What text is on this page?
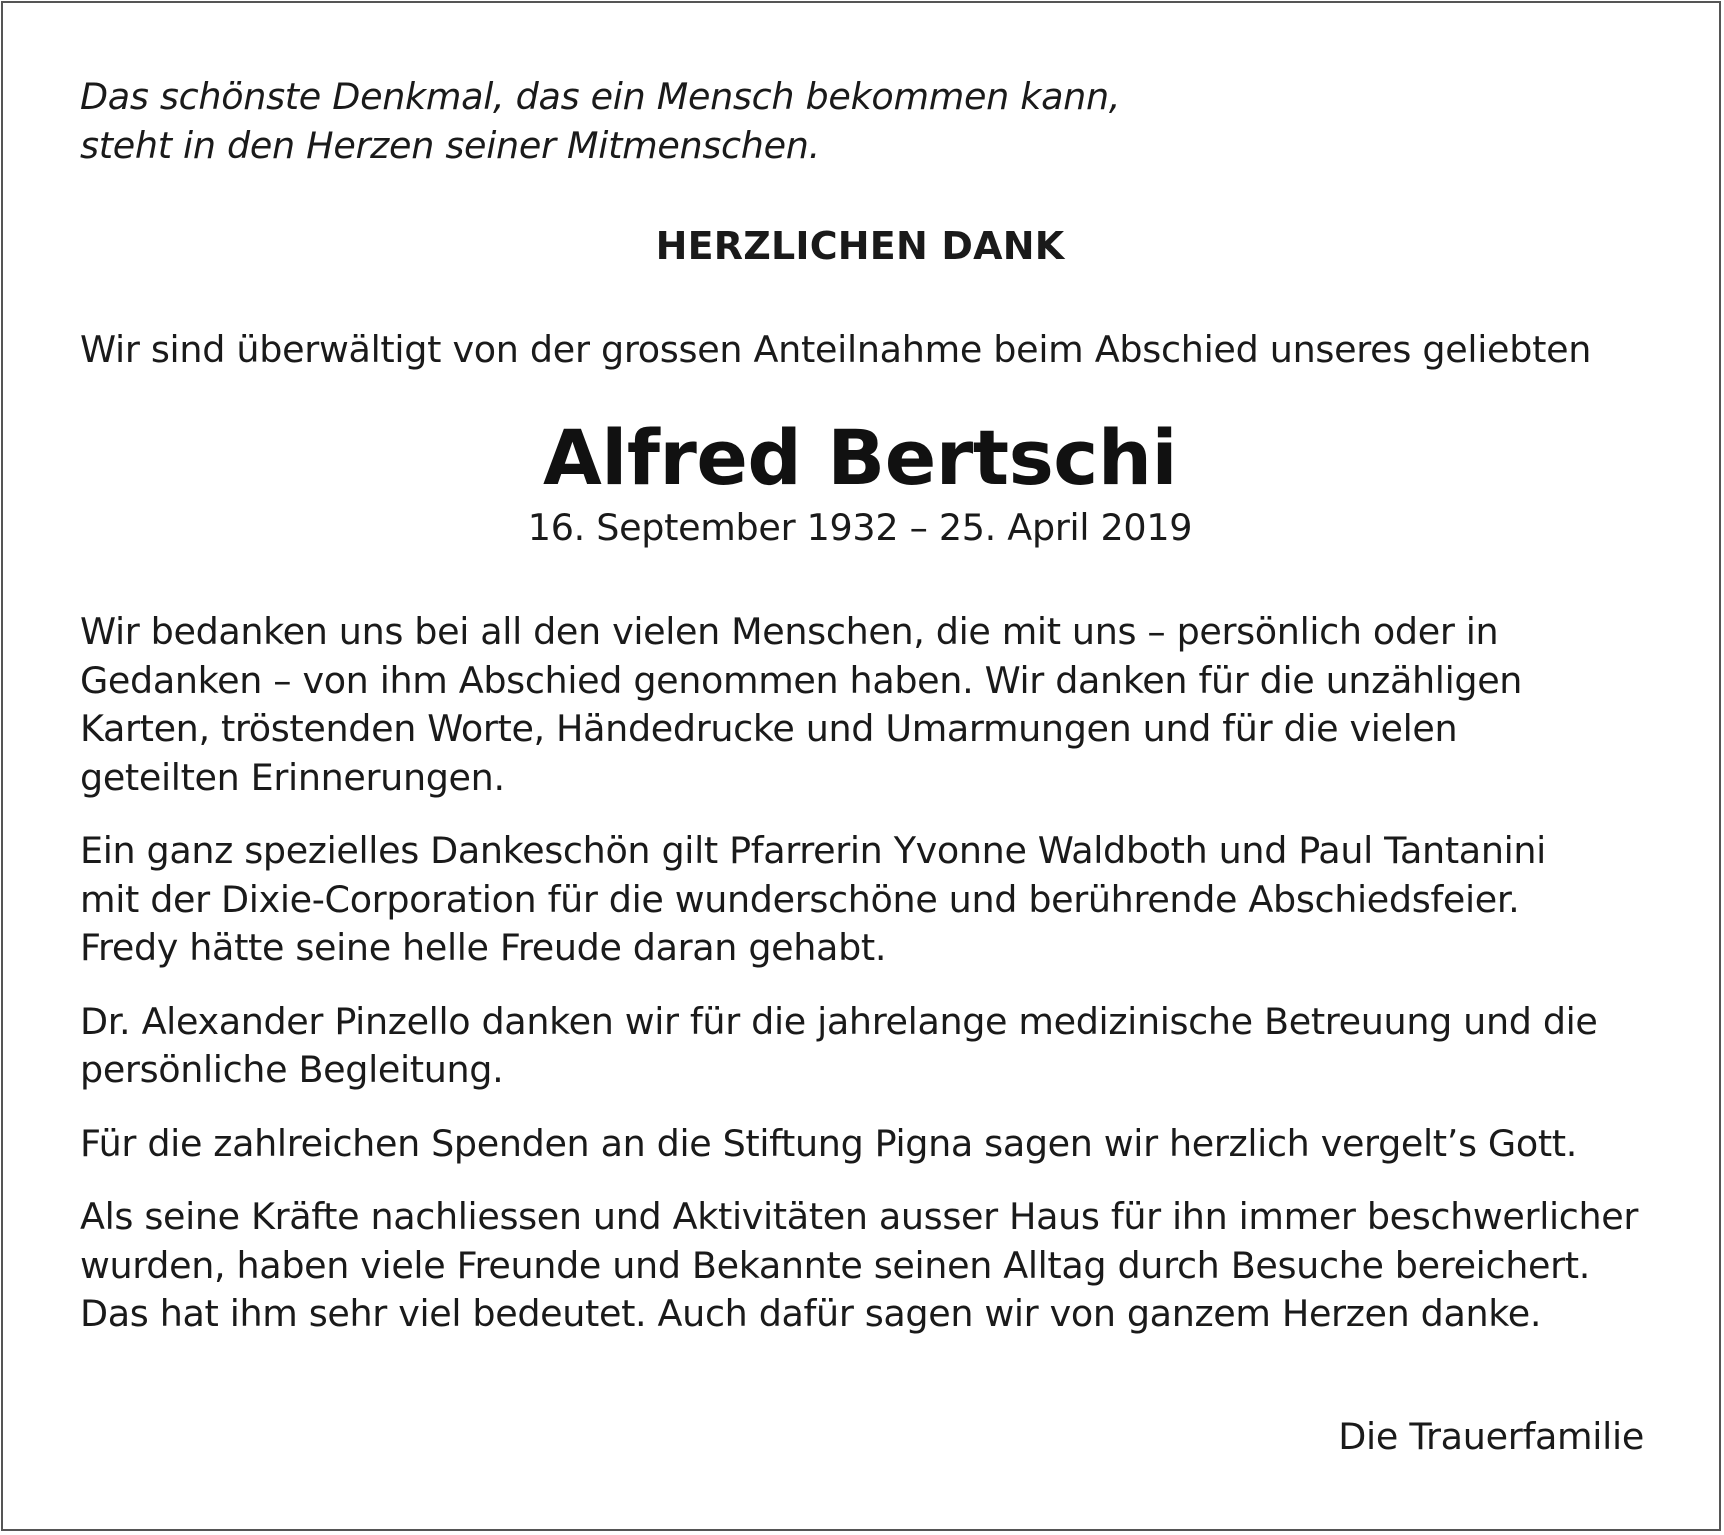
Das schönste Denkmal, das ein Mensch bekommen kann,
steht in den Herzen seiner Mitmenschen.

HERZLICHEN DANK

Wir sind überwältigt von der grossen Anteilnahme beim Abschied unseres geliebten

Alfred Bertschi

16. September 1932 – 25. April 2019

Wir bedanken uns bei all den vielen Menschen, die mit uns – persönlich oder in
Gedanken – von ihm Abschied genommen haben. Wir danken für die unzähligen
Karten, tröstenden Worte, Händedrucke und Umarmungen und für die vielen
geteilten Erinnerungen.

Ein ganz spezielles Dankeschön gilt Pfarrerin Yvonne Waldboth und Paul Tantanini
mit der Dixie-Corporation für die wunderschöne und berührende Abschiedsfeier.
Fredy hätte seine helle Freude daran gehabt.

Dr. Alexander Pinzello danken wir für die jahrelange medizinische Betreuung und die
persönliche Begleitung.

Für die zahlreichen Spenden an die Stiftung Pigna sagen wir herzlich vergelt’s Gott.

Als seine Kräfte nachliessen und Aktivitäten ausser Haus für ihn immer beschwerlicher
wurden, haben viele Freunde und Bekannte seinen Alltag durch Besuche bereichert.
Das hat ihm sehr viel bedeutet. Auch dafür sagen wir von ganzem Herzen danke.

Die Trauerfamilie
